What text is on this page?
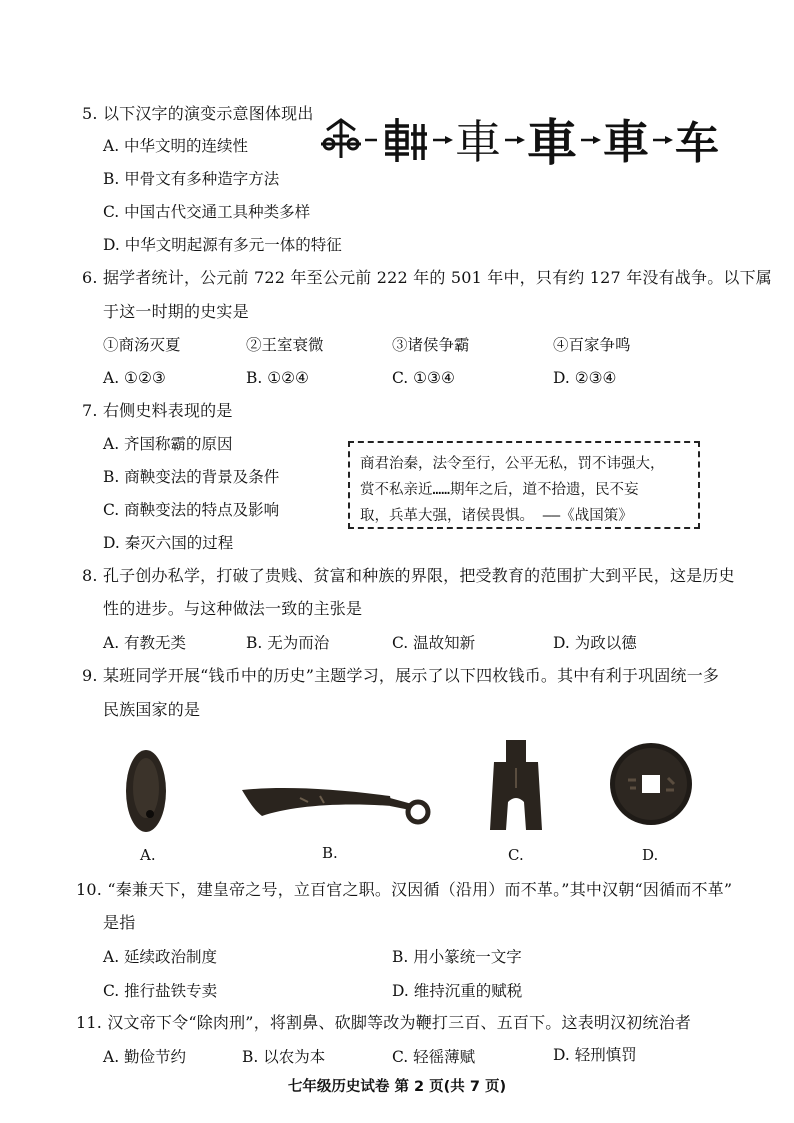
5. 以下汉字的演变示意图体现出
A. 中华文明的连续性
B. 甲骨文有多种造字方法
C. 中国古代交通工具种类多样
D. 中华文明起源有多元一体的特征
車 車 車 车
6. 据学者统计，公元前 722 年至公元前 222 年的 501 年中，只有约 127 年没有战争。以下属
于这一时期的史实是
①商汤灭夏	②王室衰微	③诸侯争霸	④百家争鸣
A. ①②③	B. ①②④	C. ①③④	D. ②③④
7. 右侧史料表现的是
A. 齐国称霸的原因
B. 商鞅变法的背景及条件
C. 商鞅变法的特点及影响
D. 秦灭六国的过程
商君治秦，法令至行，公平无私，罚不讳强大，
赏不私亲近……期年之后，道不拾遗，民不妄
取，兵革大强，诸侯畏惧。 ——《战国策》
8. 孔子创办私学，打破了贵贱、贫富和种族的界限，把受教育的范围扩大到平民，这是历史
性的进步。与这种做法一致的主张是
A. 有教无类	B. 无为而治	C. 温故知新	D. 为政以德
9. 某班同学开展“钱币中的历史”主题学习，展示了以下四枚钱币。其中有利于巩固统一多
民族国家的是
A.	B.	C.	D.
10. “秦兼天下，建皇帝之号，立百官之职。汉因循（沿用）而不革。”其中汉朝“因循而不革”
是指
A. 延续政治制度	B. 用小篆统一文字
C. 推行盐铁专卖	D. 维持沉重的赋税
11. 汉文帝下令“除肉刑”，将割鼻、砍脚等改为鞭打三百、五百下。这表明汉初统治者
A. 勤俭节约	B. 以农为本	C. 轻徭薄赋	D. 轻刑慎罚
七年级历史试卷 第 2 页(共 7 页)
